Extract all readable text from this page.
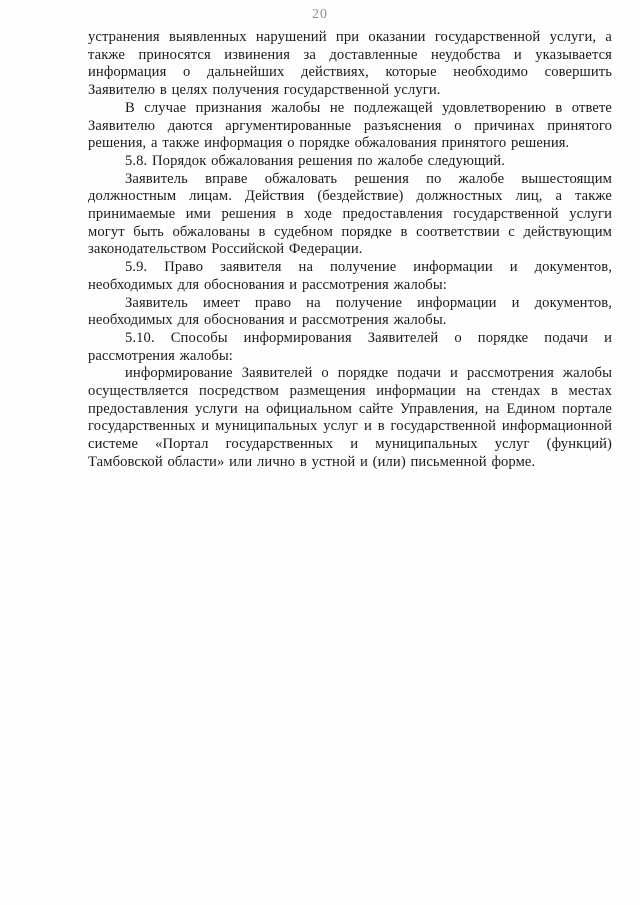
20

устранения выявленных нарушений при оказании государственной услуги, а также приносятся извинения за доставленные неудобства и указывается информация о дальнейших действиях, которые необходимо совершить Заявителю в целях получения государственной услуги.

В случае признания жалобы не подлежащей удовлетворению в ответе Заявителю даются аргументированные разъяснения о причинах принятого решения, а также информация о порядке обжалования принятого решения.

5.8. Порядок обжалования решения по жалобе следующий.

Заявитель вправе обжаловать решения по жалобе вышестоящим должностным лицам. Действия (бездействие) должностных лиц, а также принимаемые ими решения в ходе предоставления государственной услуги могут быть обжалованы в судебном порядке в соответствии с действующим законодательством Российской Федерации.

5.9. Право заявителя на получение информации и документов, необходимых для обоснования и рассмотрения жалобы:

Заявитель имеет право на получение информации и документов, необходимых для обоснования и рассмотрения жалобы.

5.10. Способы информирования Заявителей о порядке подачи и рассмотрения жалобы:

информирование Заявителей о порядке подачи и рассмотрения жалобы осуществляется посредством размещения информации на стендах в местах предоставления услуги на официальном сайте Управления, на Едином портале государственных и муниципальных услуг и в государственной информационной системе «Портал государственных и муниципальных услуг (функций) Тамбовской области» или лично в устной и (или) письменной форме.
